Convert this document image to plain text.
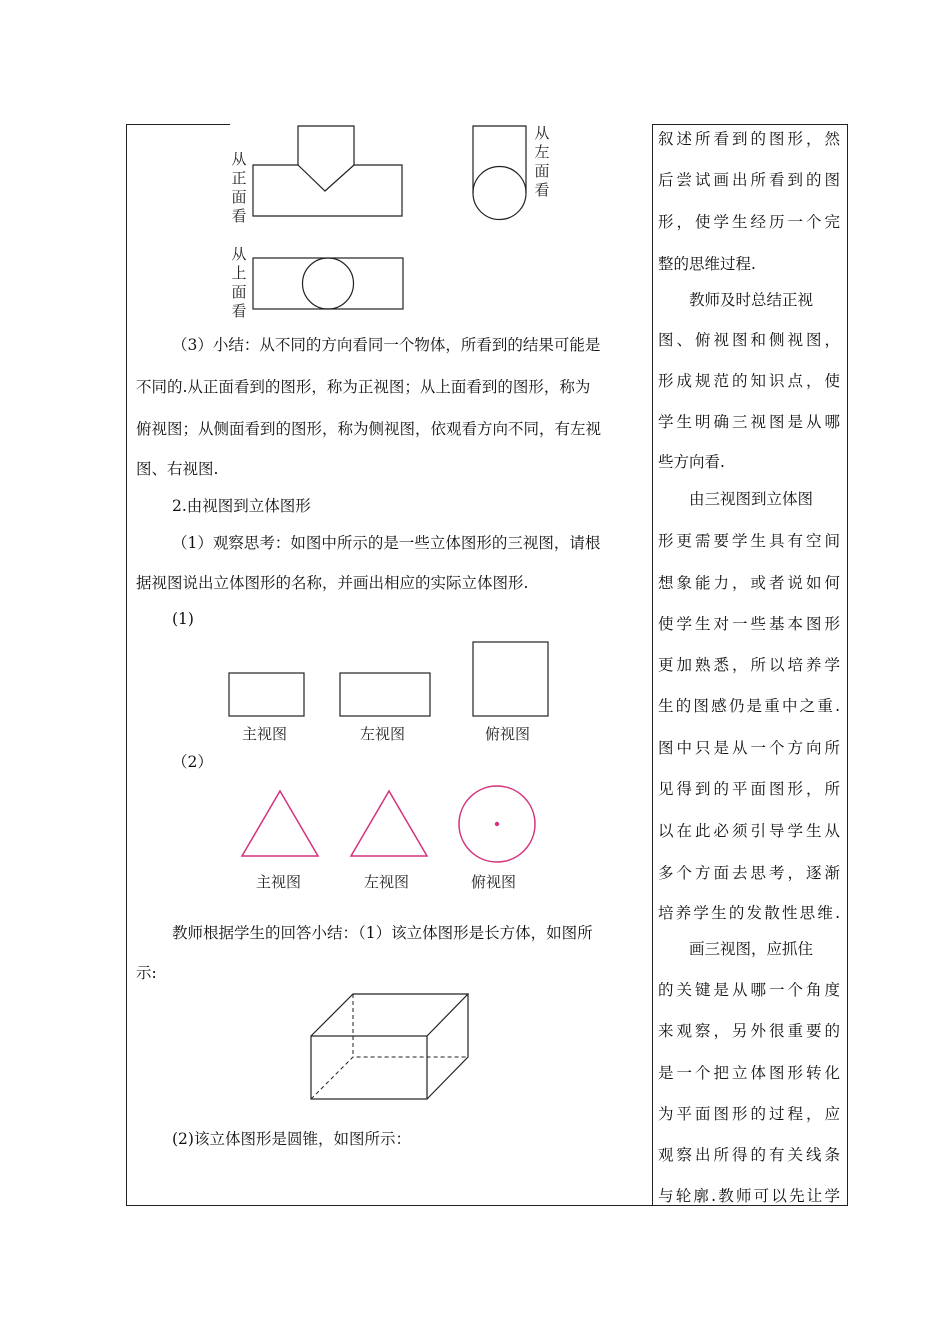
从正面看
从左面看
从上面看
（3）小结：从不同的方向看同一个物体，所看到的结果可能是
不同的.从正面看到的图形，称为正视图；从上面看到的图形，称为
俯视图；从侧面看到的图形，称为侧视图，依观看方向不同，有左视
图、右视图.
2.由视图到立体图形
（1）观察思考：如图中所示的是一些立体图形的三视图，请根
据视图说出立体图形的名称，并画出相应的实际立体图形.
(1)
主视图	左视图	俯视图
（2）
主视图	左视图	俯视图
教师根据学生的回答小结：（1）该立体图形是长方体，如图所
示:
(2)该立体图形是圆锥，如图所示：
叙述所看到的图形，然
后尝试画出所看到的图
形，使学生经历一个完
整的思维过程.
　　教师及时总结正视
图、俯视图和侧视图，
形成规范的知识点，使
学生明确三视图是从哪
些方向看.
　　由三视图到立体图
形更需要学生具有空间
想象能力，或者说如何
使学生对一些基本图形
更加熟悉，所以培养学
生的图感仍是重中之重.
图中只是从一个方向所
见得到的平面图形，所
以在此必须引导学生从
多个方面去思考，逐渐
培养学生的发散性思维.
　　画三视图，应抓住
的关键是从哪一个角度
来观察，另外很重要的
是一个把立体图形转化
为平面图形的过程，应
观察出所得的有关线条
与轮廓.教师可以先让学
